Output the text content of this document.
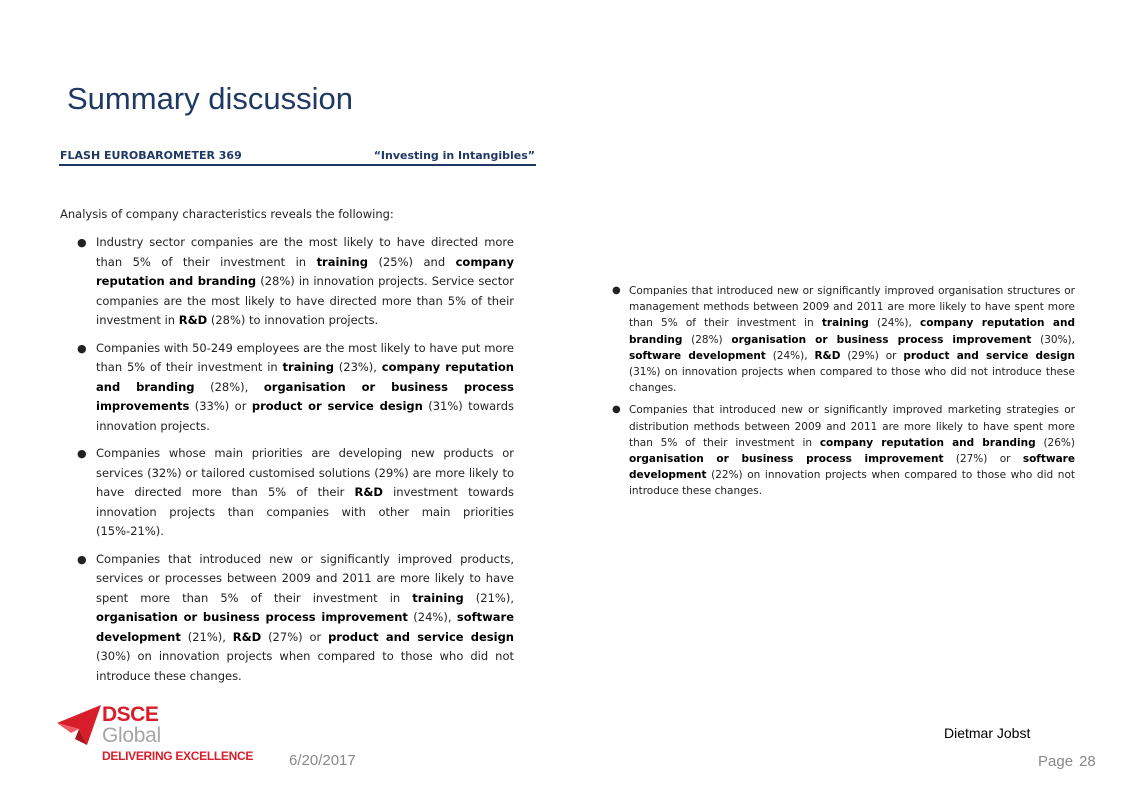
Summary discussion
FLASH EUROBAROMETER 369	“Investing in Intangibles”

Analysis of company characteristics reveals the following:

● Industry sector companies are the most likely to have directed more than 5% of their investment in training (25%) and company reputation and branding (28%) in innovation projects. Service sector companies are the most likely to have directed more than 5% of their investment in R&D (28%) to innovation projects.
● Companies with 50-249 employees are the most likely to have put more than 5% of their investment in training (23%), company reputation and branding (28%), organisation or business process improvements (33%) or product or service design (31%) towards innovation projects.
● Companies whose main priorities are developing new products or services (32%) or tailored customised solutions (29%) are more likely to have directed more than 5% of their R&D investment towards innovation projects than companies with other main priorities (15%-21%).
● Companies that introduced new or significantly improved products, services or processes between 2009 and 2011 are more likely to have spent more than 5% of their investment in training (21%), organisation or business process improvement (24%), software development (21%), R&D (27%) or product and service design (30%) on innovation projects when compared to those who did not introduce these changes.
● Companies that introduced new or significantly improved organisation structures or management methods between 2009 and 2011 are more likely to have spent more than 5% of their investment in training (24%), company reputation and branding (28%) organisation or business process improvement (30%), software development (24%), R&D (29%) or product and service design (31%) on innovation projects when compared to those who did not introduce these changes.
● Companies that introduced new or significantly improved marketing strategies or distribution methods between 2009 and 2011 are more likely to have spent more than 5% of their investment in company reputation and branding (26%) organisation or business process improvement (27%) or software development (22%) on innovation projects when compared to those who did not introduce these changes.
DSCE
Global
DELIVERING EXCELLENCE 6/20/2017
Dietmar Jobst
Page 28
